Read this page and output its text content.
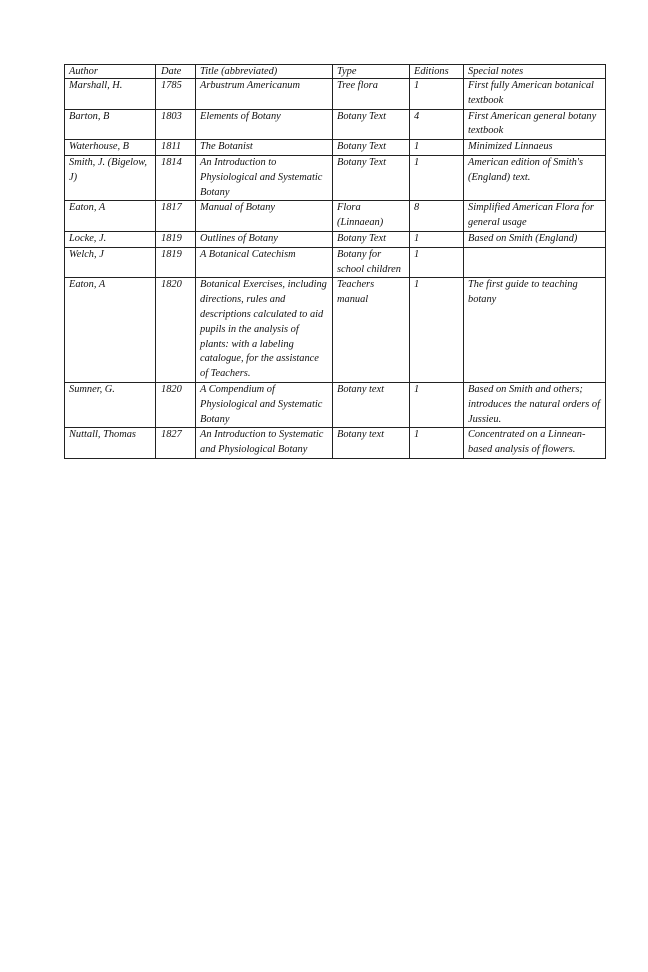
Author	Date	Title (abbreviated)	Type	Editions	Special notes
Marshall, H.	1785	Arbustrum Americanum	Tree flora	1	First fully American botanical textbook
Barton, B	1803	Elements of Botany	Botany Text	4	First American general botany textbook
Waterhouse, B	1811	The Botanist	Botany Text	1	Minimized Linnaeus
Smith, J. (Bigelow, J)	1814	An Introduction to Physiological and Systematic Botany	Botany Text	1	American edition of Smith's (England) text.
Eaton, A	1817	Manual of Botany	Flora (Linnaean)	8	Simplified American Flora for general usage
Locke, J.	1819	Outlines of Botany	Botany Text	1	Based on Smith (England)
Welch, J	1819	A Botanical Catechism	Botany for school children	1	
Eaton, A	1820	Botanical Exercises, including directions, rules and descriptions calculated to aid pupils in the analysis of plants: with a labeling catalogue, for the assistance of Teachers.	Teachers manual	1	The first guide to teaching botany
Sumner, G.	1820	A Compendium of Physiological and Systematic Botany	Botany text	1	Based on Smith and others; introduces the natural orders of Jussieu.
Nuttall, Thomas	1827	An Introduction to Systematic and Physiological Botany	Botany text	1	Concentrated on a Linnean-based analysis of flowers.
